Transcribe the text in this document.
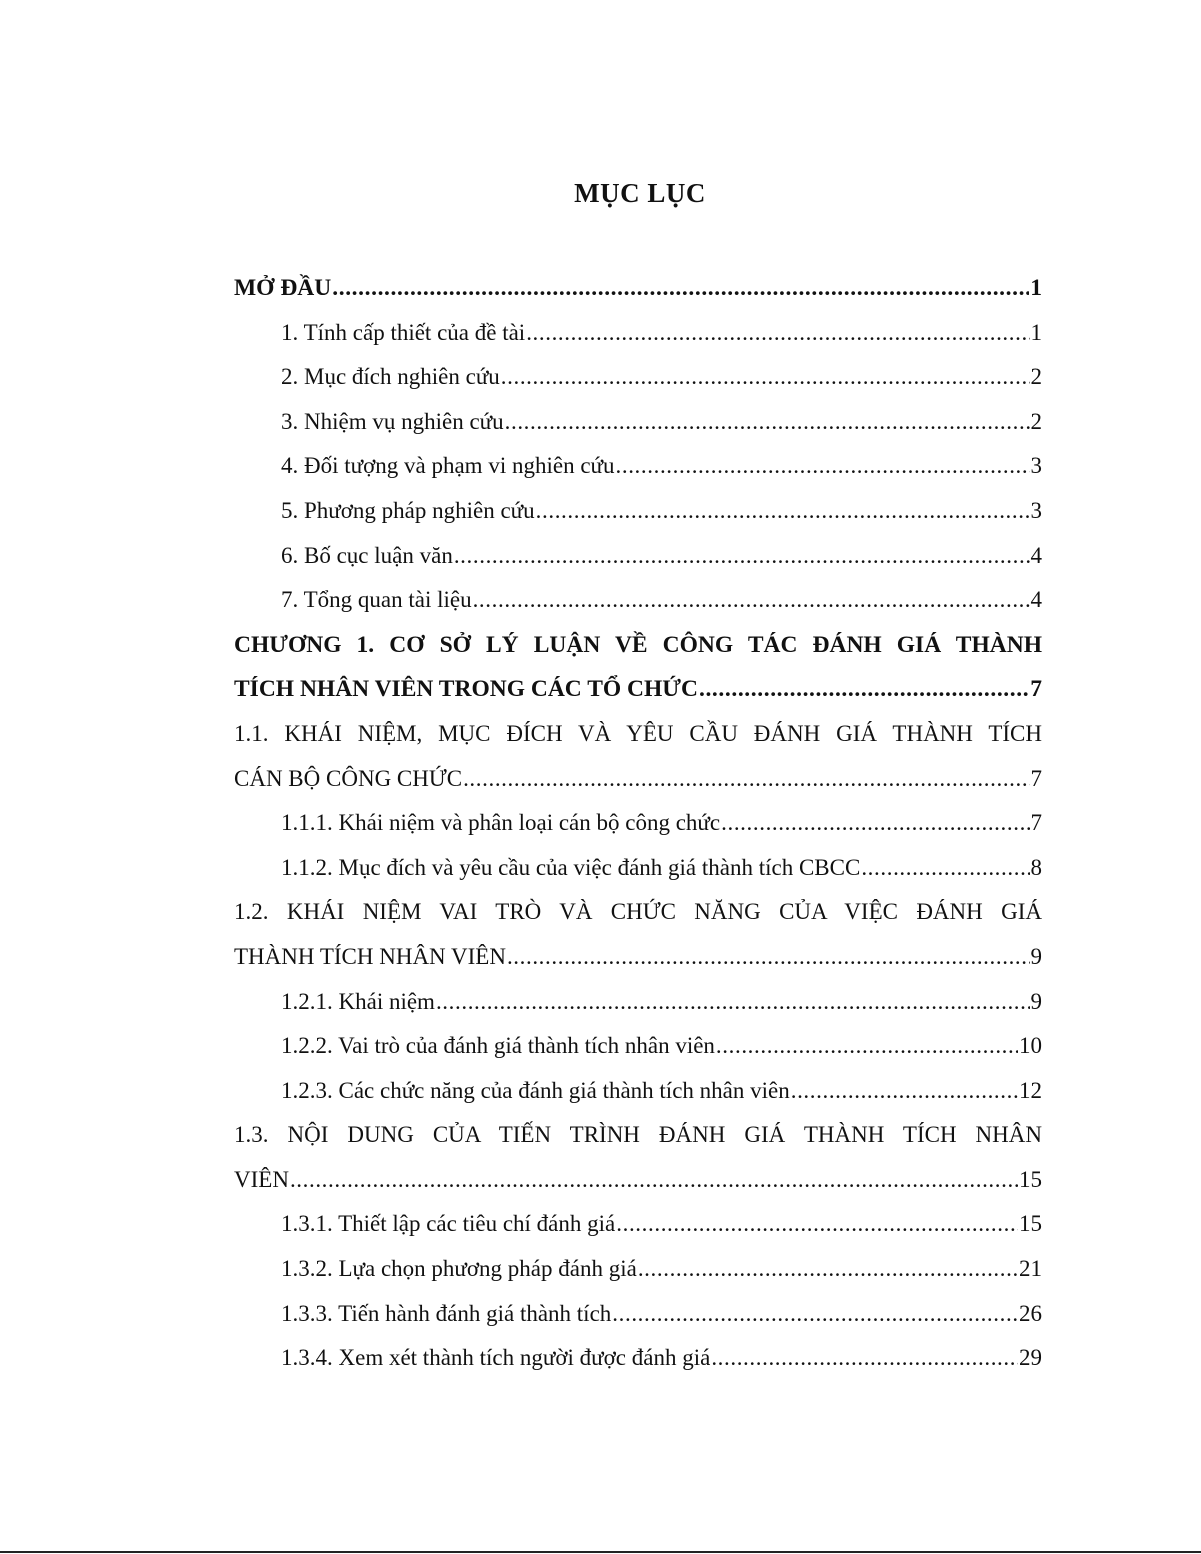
MỤC LỤC
MỞ ĐẦU .....	1
1. Tính cấp thiết của đề tài .....	1
2. Mục đích nghiên cứu .....	2
3. Nhiệm vụ nghiên cứu .....	2
4. Đối tượng và phạm vi nghiên cứu .....	3
5. Phương pháp nghiên cứu .....	3
6. Bố cục luận văn .....	4
7. Tổng quan tài liệu .....	4
CHƯƠNG 1. CƠ SỞ LÝ LUẬN VỀ CÔNG TÁC ĐÁNH GIÁ THÀNH
TÍCH NHÂN VIÊN TRONG CÁC TỔ CHỨC .....	7
1.1. KHÁI NIỆM, MỤC ĐÍCH VÀ YÊU CẦU ĐÁNH GIÁ THÀNH TÍCH
CÁN BỘ CÔNG CHỨC .....	7
1.1.1. Khái niệm và phân loại cán bộ công chức .....	7
1.1.2. Mục đích và yêu cầu của việc đánh giá thành tích CBCC .....	8
1.2. KHÁI NIỆM VAI TRÒ VÀ CHỨC NĂNG CỦA VIỆC ĐÁNH GIÁ
THÀNH TÍCH NHÂN VIÊN .....	9
1.2.1. Khái niệm .....	9
1.2.2. Vai trò của đánh giá thành tích nhân viên .....	10
1.2.3. Các chức năng của đánh giá thành tích nhân viên .....	12
1.3. NỘI DUNG CỦA TIẾN TRÌNH ĐÁNH GIÁ THÀNH TÍCH NHÂN
VIÊN .....	15
1.3.1. Thiết lập các tiêu chí đánh giá .....	15
1.3.2. Lựa chọn phương pháp đánh giá .....	21
1.3.3. Tiến hành đánh giá thành tích .....	26
1.3.4. Xem xét thành tích người được đánh giá .....	29
